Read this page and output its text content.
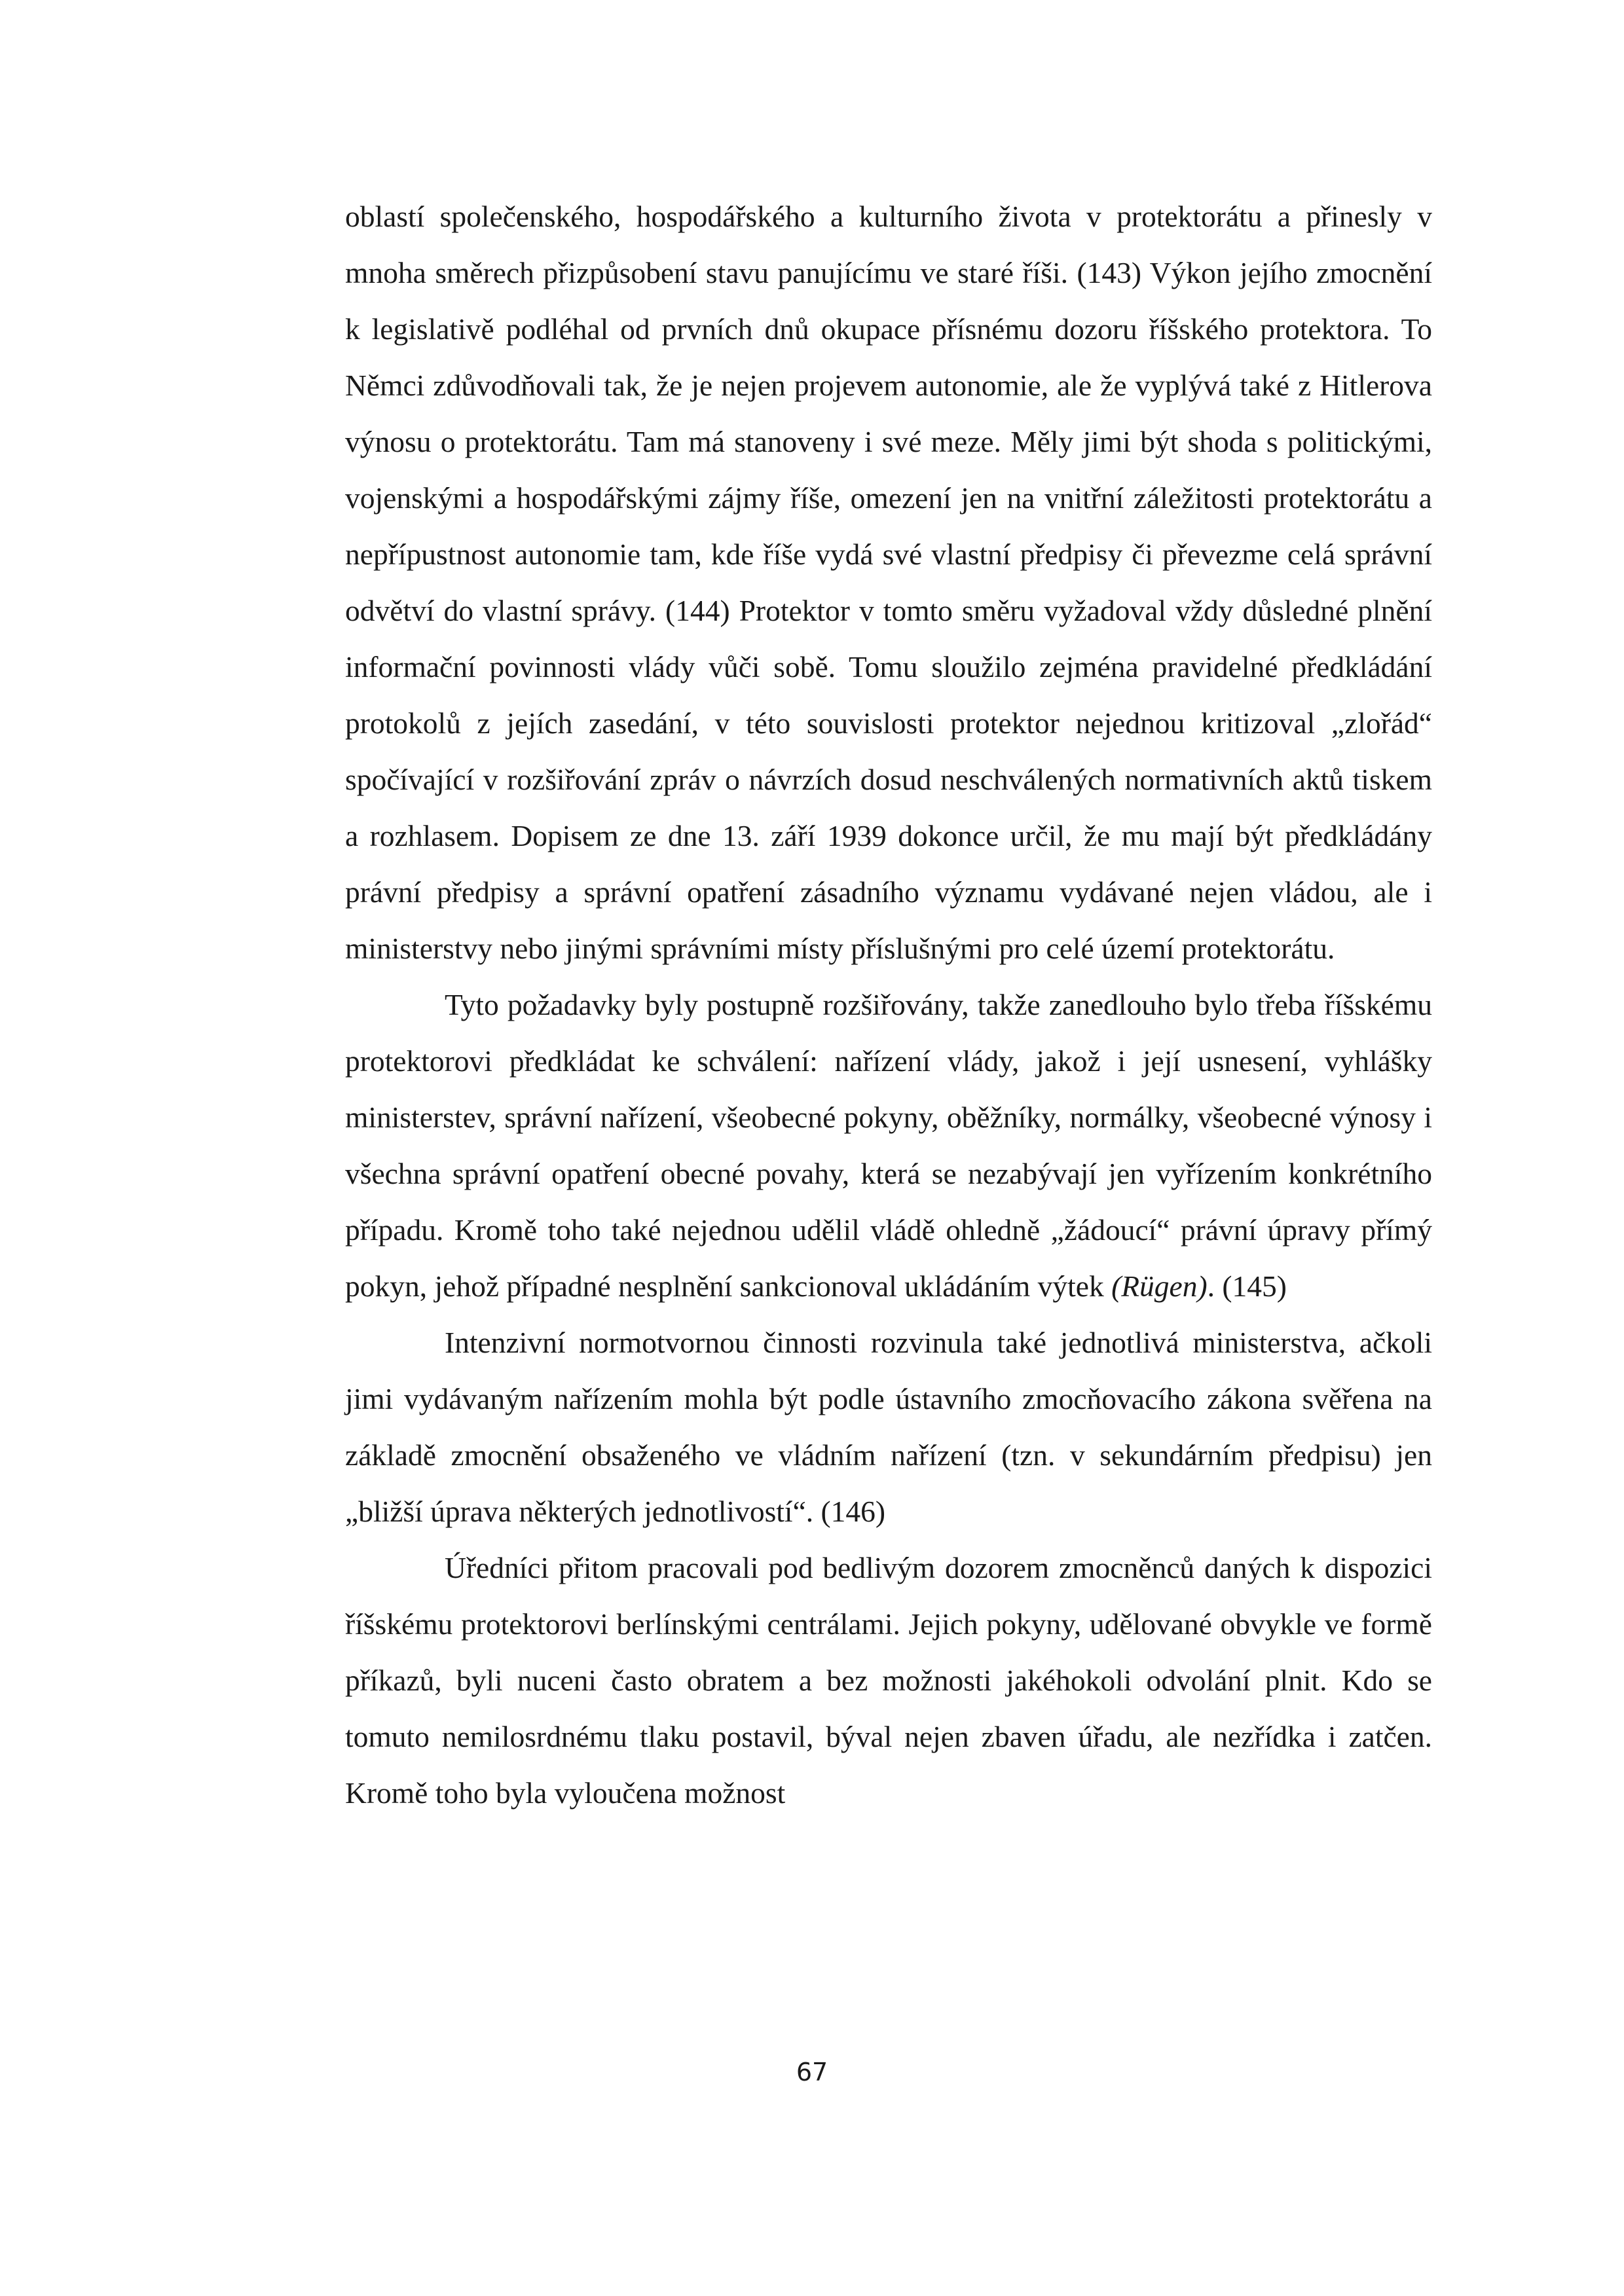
oblastí společenského, hospodářského a kulturního života v protektorátu a přinesly v mnoha směrech přizpůsobení stavu panujícímu ve staré říši. (143) Výkon jejího zmocnění k legislativě podléhal od prvních dnů okupace přísnému dozoru říšského protektora. To Němci zdůvodňovali tak, že je nejen projevem autonomie, ale že vyplývá také z Hitlerova výnosu o protektorátu. Tam má stanoveny i své meze. Měly jimi být shoda s politickými, vojenskými a hospodářskými zájmy říše, omezení jen na vnitřní záležitosti protektorátu a nepřípustnost autonomie tam, kde říše vydá své vlastní předpisy či převezme celá správní odvětví do vlastní správy. (144) Protektor v tomto směru vyžadoval vždy důsledné plnění informační povinnosti vlády vůči sobě. Tomu sloužilo zejména pravidelné předkládání protokolů z jejích zasedání, v této souvislosti protektor nejednou kritizoval „zlořád“ spočívající v rozšiřování zpráv o návrzích dosud neschválených normativních aktů tiskem a rozhlasem. Dopisem ze dne 13. září 1939 dokonce určil, že mu mají být předkládány právní předpisy a správní opatření zásadního významu vydávané nejen vládou, ale i ministerstvy nebo jinými správními místy příslušnými pro celé území protektorátu.

Tyto požadavky byly postupně rozšiřovány, takže zanedlouho bylo třeba říšskému protektorovi předkládat ke schválení: nařízení vlády, jakož i její usnesení, vyhlášky ministerstev, správní nařízení, všeobecné pokyny, oběžníky, normálky, všeobecné výnosy i všechna správní opatření obecné povahy, která se nezabývají jen vyřízením konkrétního případu. Kromě toho také nejednou udělil vládě ohledně „žádoucí“ právní úpravy přímý pokyn, jehož případné nesplnění sankcionoval ukládáním výtek (Rügen). (145)

Intenzivní normotvornou činnosti rozvinula také jednotlivá ministerstva, ačkoli jimi vydávaným nařízením mohla být podle ústavního zmocňovacího zákona svěřena na základě zmocnění obsaženého ve vládním nařízení (tzn. v sekundárním předpisu) jen „bližší úprava některých jednotlivostí“. (146)

Úředníci přitom pracovali pod bedlivým dozorem zmocněnců daných k dispozici říšskému protektorovi berlínskými centrálami. Jejich pokyny, udělované obvykle ve formě příkazů, byli nuceni často obratem a bez možnosti jakéhokoli odvolání plnit. Kdo se tomuto nemilosrdnému tlaku postavil, býval nejen zbaven úřadu, ale nezřídka i zatčen. Kromě toho byla vyloučena možnost

67
